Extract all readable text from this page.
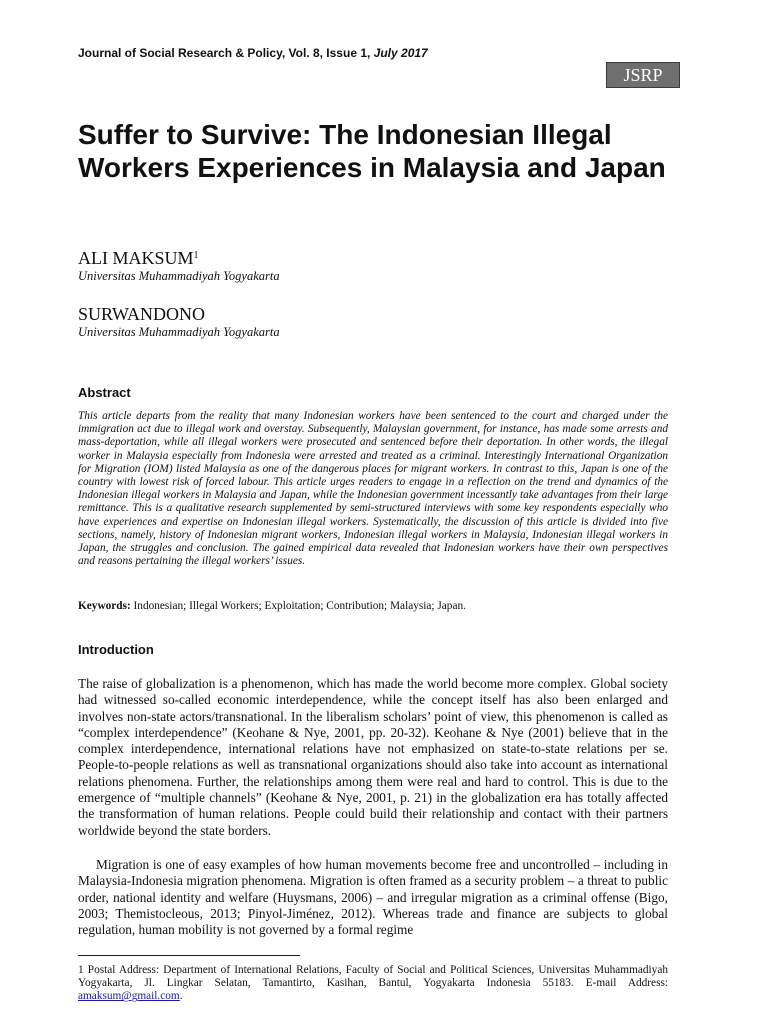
Journal of Social Research & Policy, Vol. 8, Issue 1, July 2017
JSRP
Suffer to Survive: The Indonesian Illegal Workers Experiences in Malaysia and Japan
ALI MAKSUM$^1$
Universitas Muhammadiyah Yogyakarta
SURWANDONO
Universitas Muhammadiyah Yogyakarta
Abstract

This article departs from the reality that many Indonesian workers have been sentenced to the court and charged under the immigration act due to illegal work and overstay. Subsequently, Malaysian government, for instance, has made some arrests and mass-deportation, while all illegal workers were prosecuted and sentenced before their deportation. In other words, the illegal worker in Malaysia especially from Indonesia were arrested and treated as a criminal. Interestingly International Organization for Migration (IOM) listed Malaysia as one of the dangerous places for migrant workers. In contrast to this, Japan is one of the country with lowest risk of forced labour. This article urges readers to engage in a reflection on the trend and dynamics of the Indonesian illegal workers in Malaysia and Japan, while the Indonesian government incessantly take advantages from their large remittance. This is a qualitative research supplemented by semi-structured interviews with some key respondents especially who have experiences and expertise on Indonesian illegal workers. Systematically, the discussion of this article is divided into five sections, namely, history of Indonesian migrant workers, Indonesian illegal workers in Malaysia, Indonesian illegal workers in Japan, the struggles and conclusion. The gained empirical data revealed that Indonesian workers have their own perspectives and reasons pertaining the illegal workers’ issues.

Keywords: Indonesian; Illegal Workers; Exploitation; Contribution; Malaysia; Japan.

Introduction

The raise of globalization is a phenomenon, which has made the world become more complex. Global society had witnessed so-called economic interdependence, while the concept itself has also been enlarged and involves non-state actors/transnational. In the liberalism scholars’ point of view, this phenomenon is called as “complex interdependence” (Keohane & Nye, 2001, pp. 20-32). Keohane & Nye (2001) believe that in the complex interdependence, international relations have not emphasized on state-to-state relations per se. People-to-people relations as well as transnational organizations should also take into account as international relations phenomena. Further, the relationships among them were real and hard to control. This is due to the emergence of “multiple channels” (Keohane & Nye, 2001, p. 21) in the globalization era has totally affected the transformation of human relations. People could build their relationship and contact with their partners worldwide beyond the state borders.

Migration is one of easy examples of how human movements become free and uncontrolled – including in Malaysia-Indonesia migration phenomena. Migration is often framed as a security problem – a threat to public order, national identity and welfare (Huysmans, 2006) – and irregular migration as a criminal offense (Bigo, 2003; Themistocleous, 2013; Pinyol-Jiménez, 2012). Whereas trade and finance are subjects to global regulation, human mobility is not governed by a formal regime

1 Postal Address: Department of International Relations, Faculty of Social and Political Sciences, Universitas Muhammadiyah Yogyakarta, Jl. Lingkar Selatan, Tamantirto, Kasihan, Bantul, Yogyakarta Indonesia 55183. E-mail Address: amaksum@gmail.com.
